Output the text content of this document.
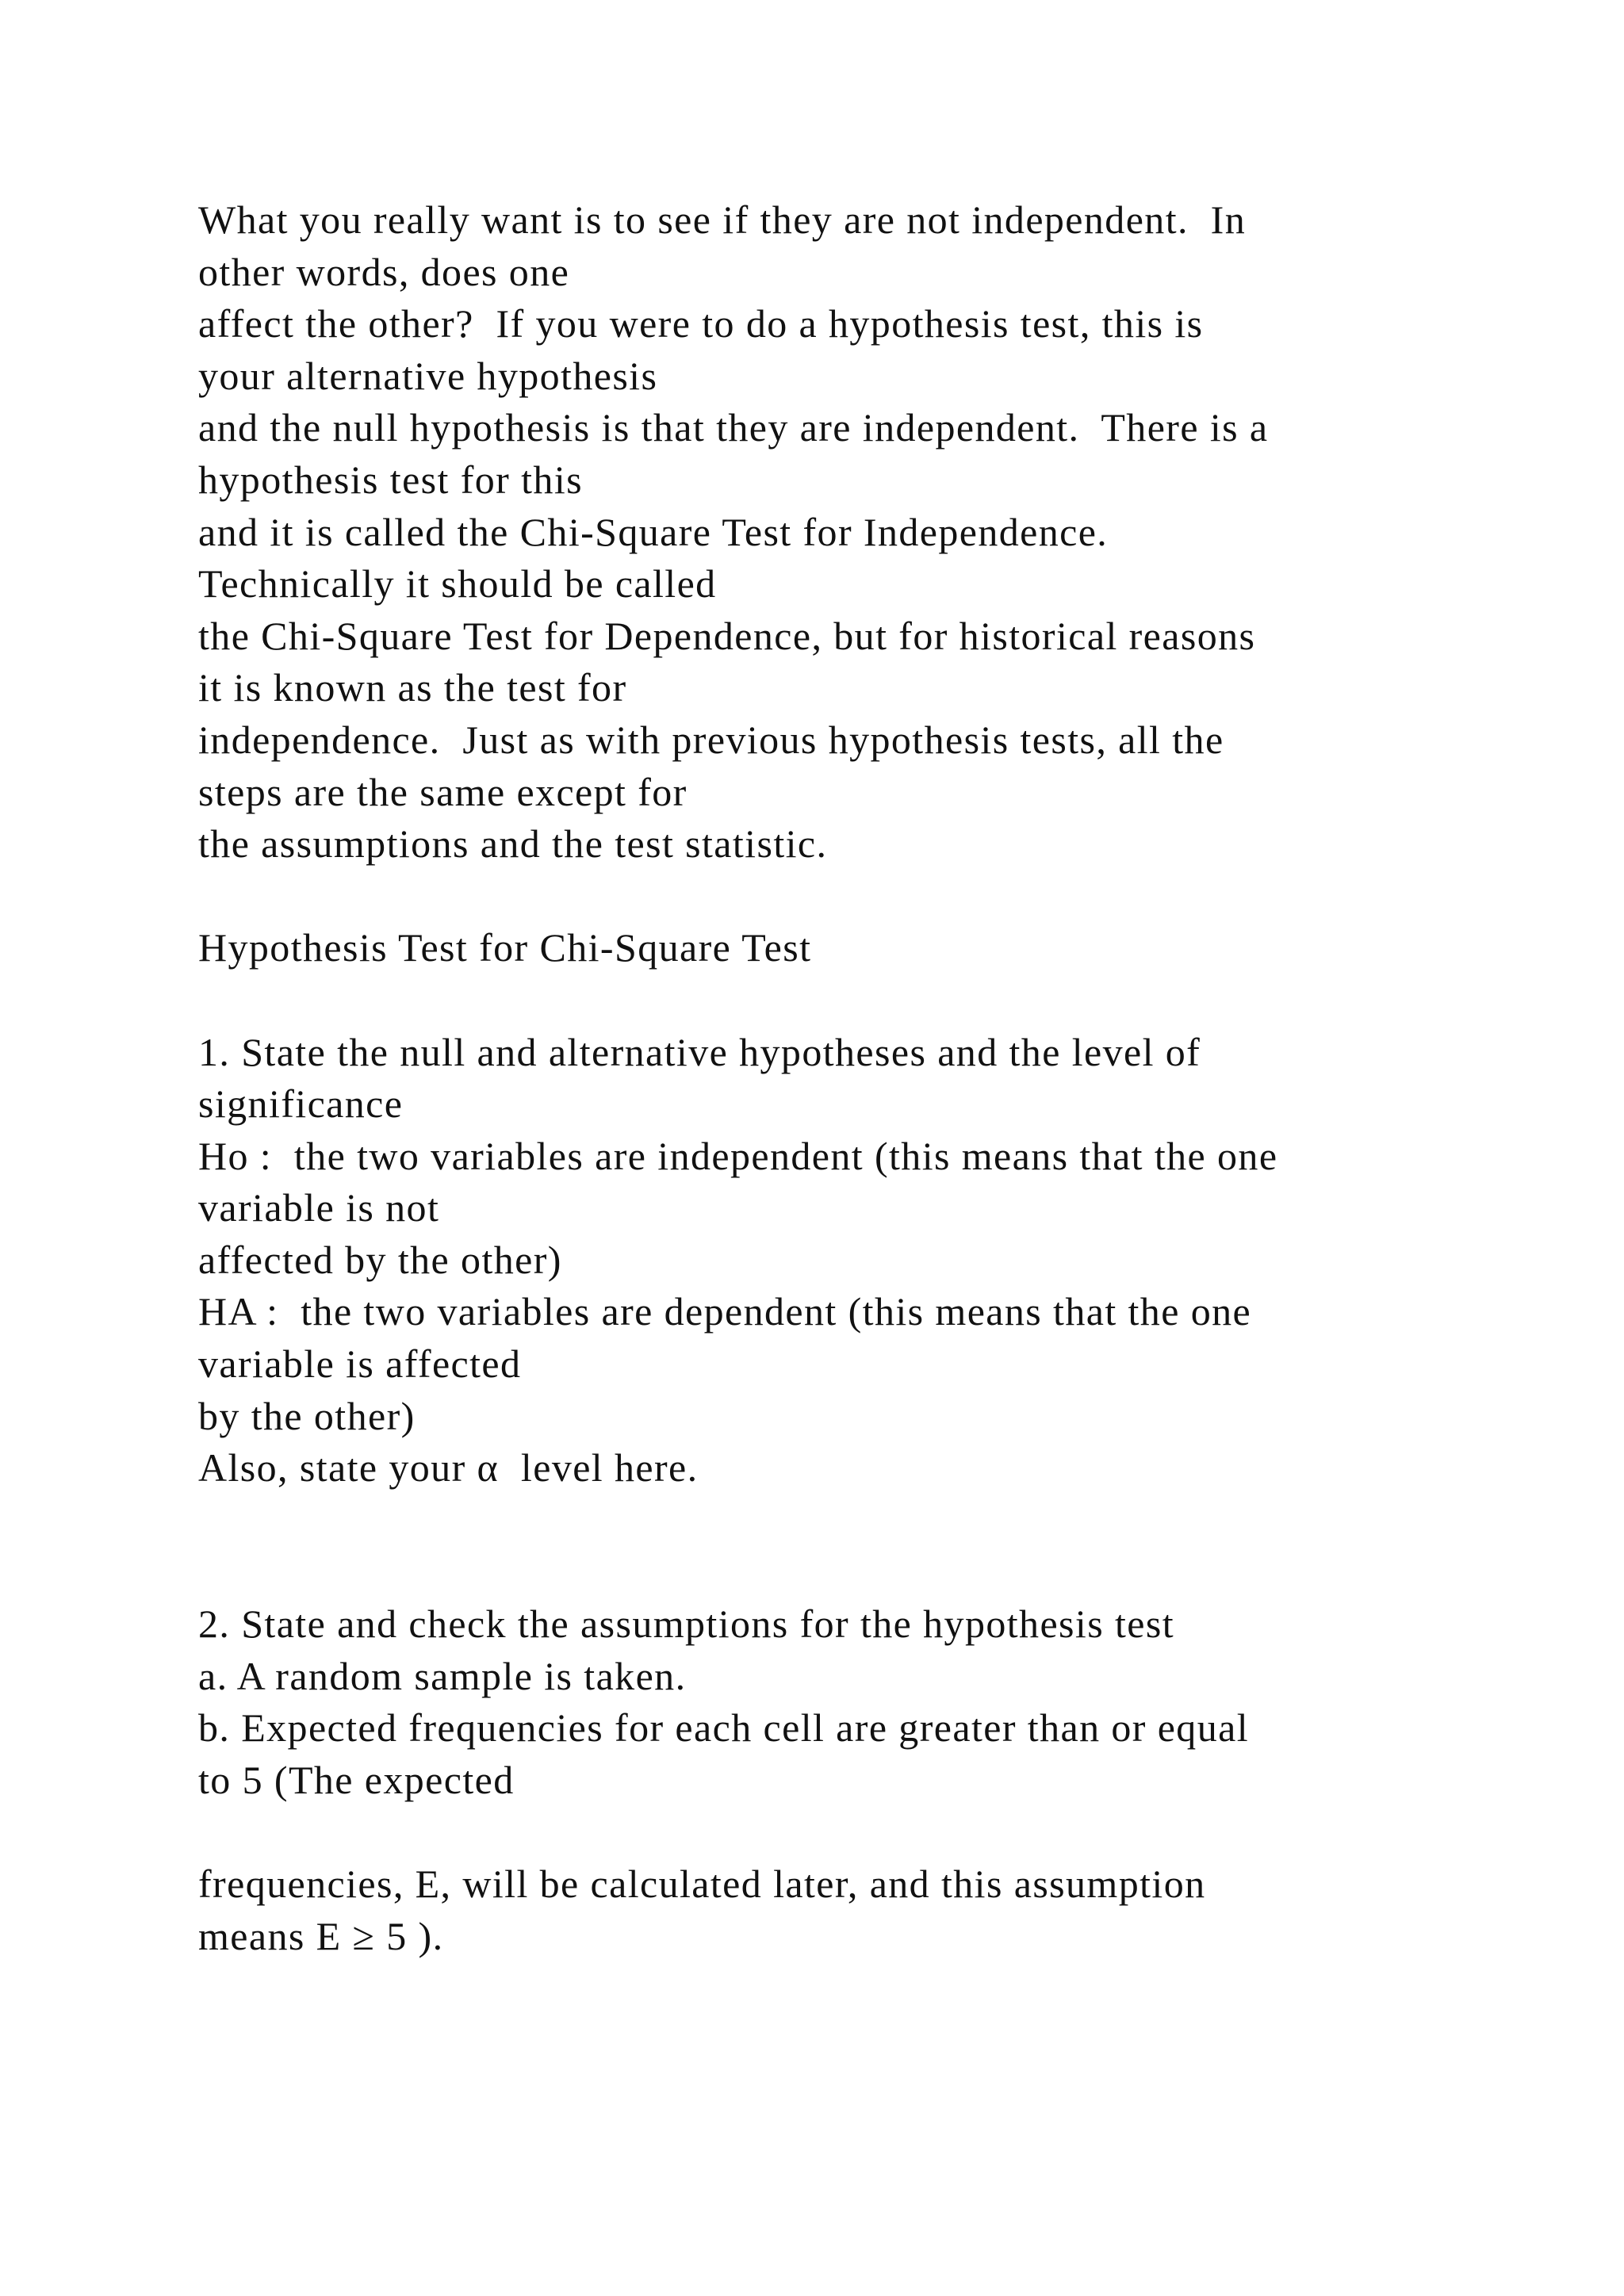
What you really want is to see if they are not independent.  In
other words, does one
affect the other?  If you were to do a hypothesis test, this is
your alternative hypothesis
and the null hypothesis is that they are independent.  There is a
hypothesis test for this
and it is called the Chi-Square Test for Independence.
Technically it should be called
the Chi-Square Test for Dependence, but for historical reasons
it is known as the test for
independence.  Just as with previous hypothesis tests, all the
steps are the same except for
the assumptions and the test statistic.
Hypothesis Test for Chi-Square Test
1. State the null and alternative hypotheses and the level of
significance
Ho :  the two variables are independent (this means that the one
variable is not
affected by the other)
HA :  the two variables are dependent (this means that the one
variable is affected
by the other)
Also, state your α  level here.
2. State and check the assumptions for the hypothesis test
a. A random sample is taken.
b. Expected frequencies for each cell are greater than or equal
to 5 (The expected
frequencies, E, will be calculated later, and this assumption
means E ≥ 5 ).
